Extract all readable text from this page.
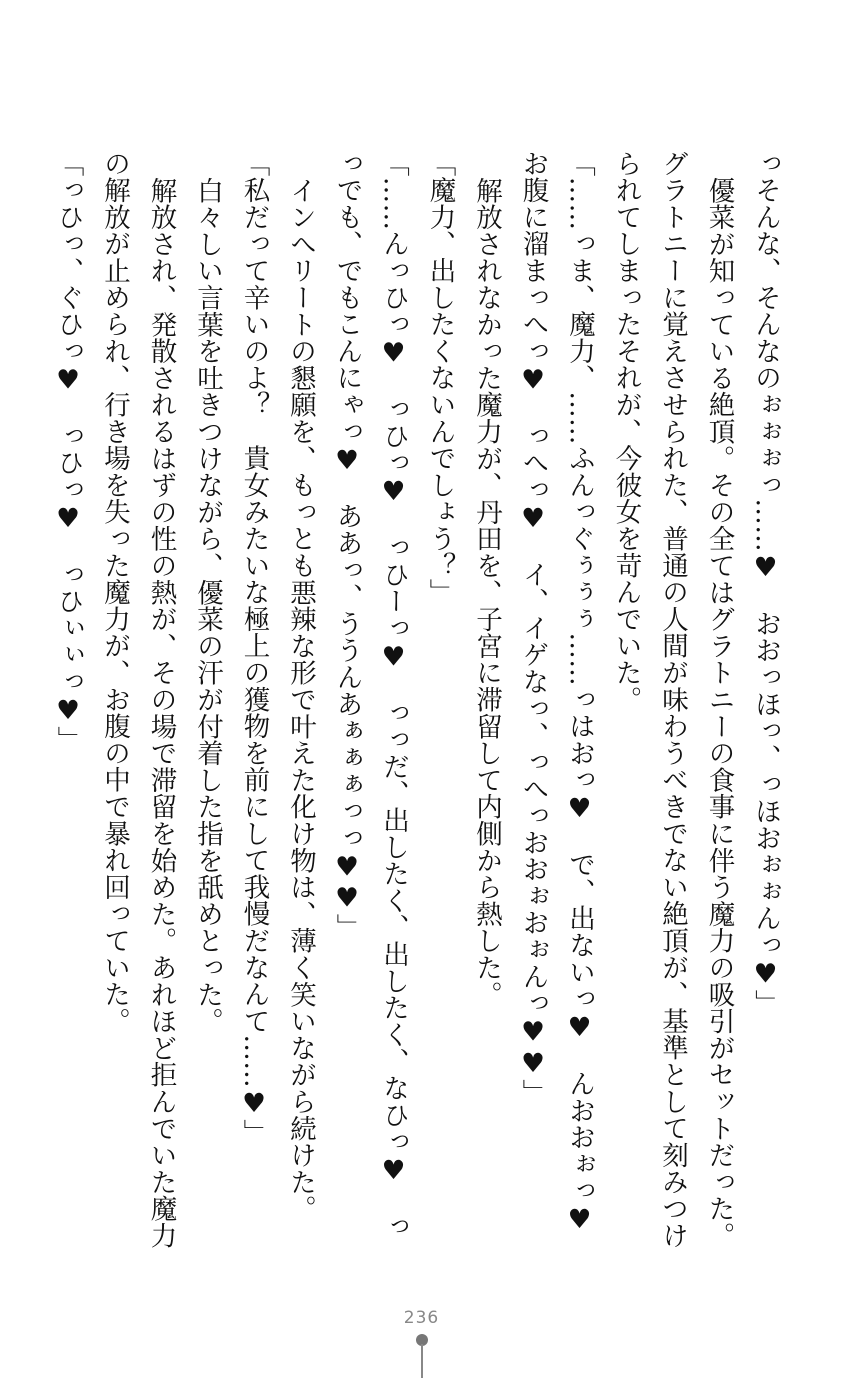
っそんな、そんなのぉぉぉっ……♥　おおっほっ、っほおぉぉんっ♥」

優菜が知っている絶頂。その全てはグラトニーの食事に伴う魔力の吸引がセットだった。グラトニーに覚えさせられた、普通の人間が味わうべきでない絶頂が、基準として刻みつけられてしまったそれが、今彼女を苛んでいた。

「……っま、魔力、……ふんっぐぅぅぅ……っはおっ♥　で、出ないっ♥　んおおぉっ♥お腹に溜まっへっ♥　っへっ♥　イ、イゲなっ、っへっおおぉおぉんっ♥♥」

解放されなかった魔力が、丹田を、子宮に滞留して内側から熱した。

「魔力、出したくないんでしょう？」

「……んっひっ♥　っひっ♥　っひーっ♥　っっだ、出したく、出したく、なひっ♥　っっでも、でもこんにゃっ♥　ああっ、ううんあぁぁぁっっ♥♥」

インへリートの懇願を、もっとも悪辣な形で叶えた化け物は、薄く笑いながら続けた。

「私だって辛いのよ？　貴女みたいな極上の獲物を前にして我慢だなんて……♥」

白々しい言葉を吐きつけながら、優菜の汗が付着した指を舐めとった。

解放され、発散されるはずの性の熱が、その場で滞留を始めた。あれほど拒んでいた魔力の解放が止められ、行き場を失った魔力が、お腹の中で暴れ回っていた。

「っひっ、ぐひっ♥　っひっ♥　っひぃぃっ♥」

236
